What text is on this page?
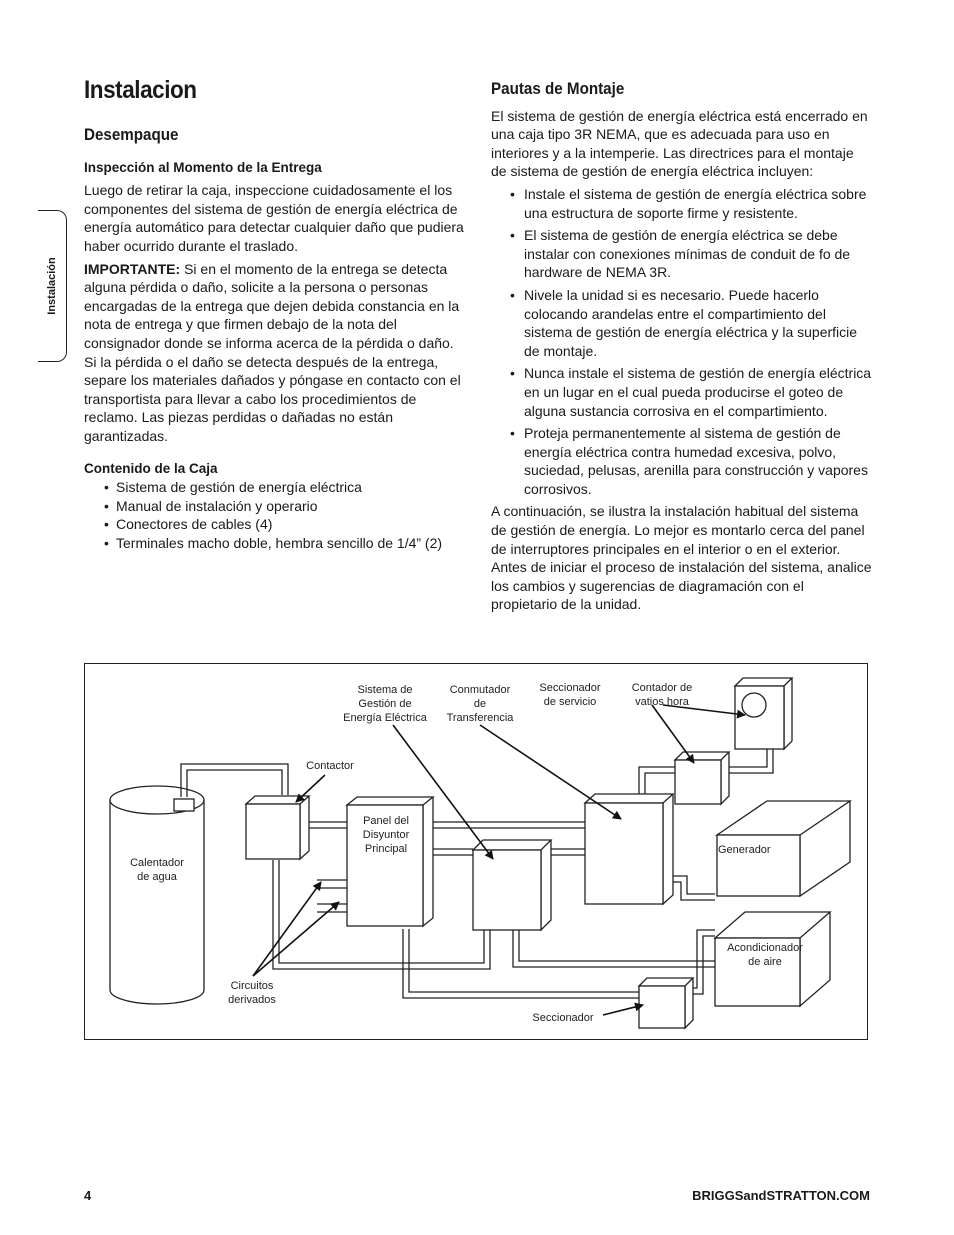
Instalacion
Instalación
Desempaque
Inspección al Momento de la Entrega

Luego de retirar la caja, inspeccione cuidadosamente el los componentes del sistema de gestión de energía eléctrica de energía automático para detectar cualquier daño que pudiera haber ocurrido durante el traslado.

IMPORTANTE: Si en el momento de la entrega se detecta alguna pérdida o daño, solicite a la persona o personas encargadas de la entrega que dejen debida constancia en la nota de entrega y que firmen debajo de la nota del consignador donde se informa acerca de la pérdida o daño. Si la pérdida o el daño se detecta después de la entrega, separe los materiales dañados y póngase en contacto con el transportista para llevar a cabo los procedimientos de reclamo. Las piezas perdidas o dañadas no están garantizadas.

Contenido de la Caja
• Sistema de gestión de energía eléctrica
• Manual de instalación y operario
• Conectores de cables (4)
• Terminales macho doble, hembra sencillo de 1/4” (2)
Pautas de Montaje

El sistema de gestión de energía eléctrica está encerrado en una caja tipo 3R NEMA, que es adecuada para uso en interiores y a la intemperie. Las directrices para el montaje de sistema de gestión de energía eléctrica incluyen:

• Instale el sistema de gestión de energía eléctrica sobre una estructura de soporte firme y resistente.
• El sistema de gestión de energía eléctrica se debe instalar con conexiones mínimas de conduit de fo de hardware de NEMA 3R.
• Nivele la unidad si es necesario. Puede hacerlo colocando arandelas entre el compartimiento del sistema de gestión de energía eléctrica y la superficie de montaje.
• Nunca instale el sistema de gestión de energía eléctrica en un lugar en el cual pueda producirse el goteo de alguna sustancia corrosiva en el compartimiento.
• Proteja permanentemente al sistema de gestión de energía eléctrica contra humedad excesiva, polvo, suciedad, pelusas, arenilla para construcción y vapores corrosivos.

A continuación, se ilustra la instalación habitual del sistema de gestión de energía. Lo mejor es montarlo cerca del panel de interruptores principales en el interior o en el exterior. Antes de iniciar el proceso de instalación del sistema, analice los cambios y sugerencias de diagramación con el propietario de la unidad.

Sistema de
Gestión de
Energía Eléctrica
Conmutador
de
Transferencia
Seccionador
de servicio
Contador de
vatios hora
Contactor
Panel del
Disyuntor
Principal
Calentador
de agua
Generador
Acondicionador
de aire
Circuitos
derivados
Seccionador
4	BRIGGSandSTRATTON.COM
